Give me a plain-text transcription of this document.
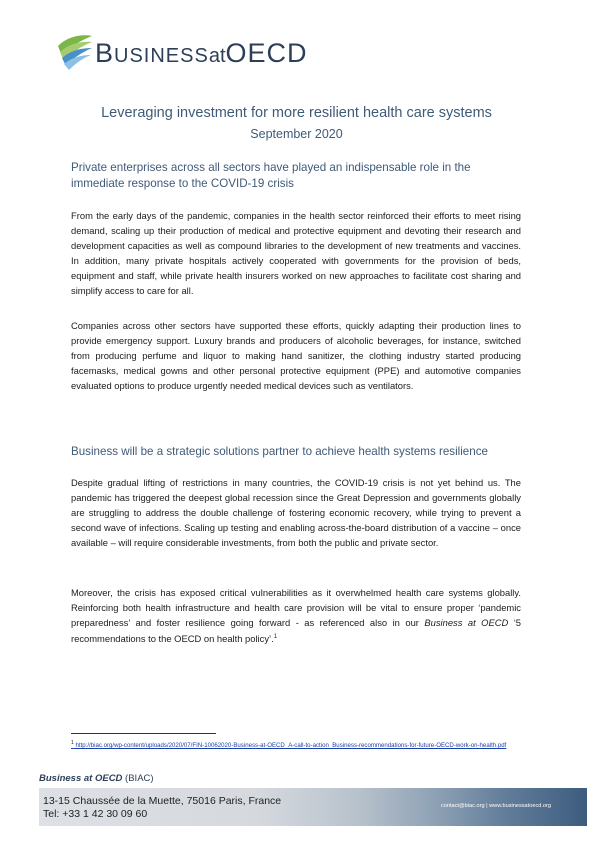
BUSINESSatOECD
Leveraging investment for more resilient health care systems
September 2020
Private enterprises across all sectors have played an indispensable role in the immediate response to the COVID-19 crisis
From the early days of the pandemic, companies in the health sector reinforced their efforts to meet rising demand, scaling up their production of medical and protective equipment and devoting their research and development capacities as well as compound libraries to the development of new treatments and vaccines. In addition, many private hospitals actively cooperated with governments for the provision of beds, equipment and staff, while private health insurers worked on new approaches to facilitate cost sharing and simplify access to care for all.
Companies across other sectors have supported these efforts, quickly adapting their production lines to provide emergency support. Luxury brands and producers of alcoholic beverages, for instance, switched from producing perfume and liquor to making hand sanitizer, the clothing industry started producing facemasks, medical gowns and other personal protective equipment (PPE) and automotive companies evaluated options to produce urgently needed medical devices such as ventilators.
Business will be a strategic solutions partner to achieve health systems resilience
Despite gradual lifting of restrictions in many countries, the COVID-19 crisis is not yet behind us. The pandemic has triggered the deepest global recession since the Great Depression and governments globally are struggling to address the double challenge of fostering economic recovery, while trying to prevent a second wave of infections. Scaling up testing and enabling across-the-board distribution of a vaccine – once available – will require considerable investments, from both the public and private sector.
Moreover, the crisis has exposed critical vulnerabilities as it overwhelmed health care systems globally. Reinforcing both health infrastructure and health care provision will be vital to ensure proper ‘pandemic preparedness’ and foster resilience going forward - as referenced also in our Business at OECD ‘5 recommendations to the OECD on health policy’.$^1$
$^1$ http://biac.org/wp-content/uploads/2020/07/FIN-10062020-Business-at-OECD_A-call-to-action_Business-recommendations-for-future-OECD-work-on-health.pdf
Business at OECD (BIAC)
13-15 Chaussée de la Muette, 75016 Paris, France
Tel: +33 1 42 30 09 60
contact@biac.org | www.businessatoecd.org
